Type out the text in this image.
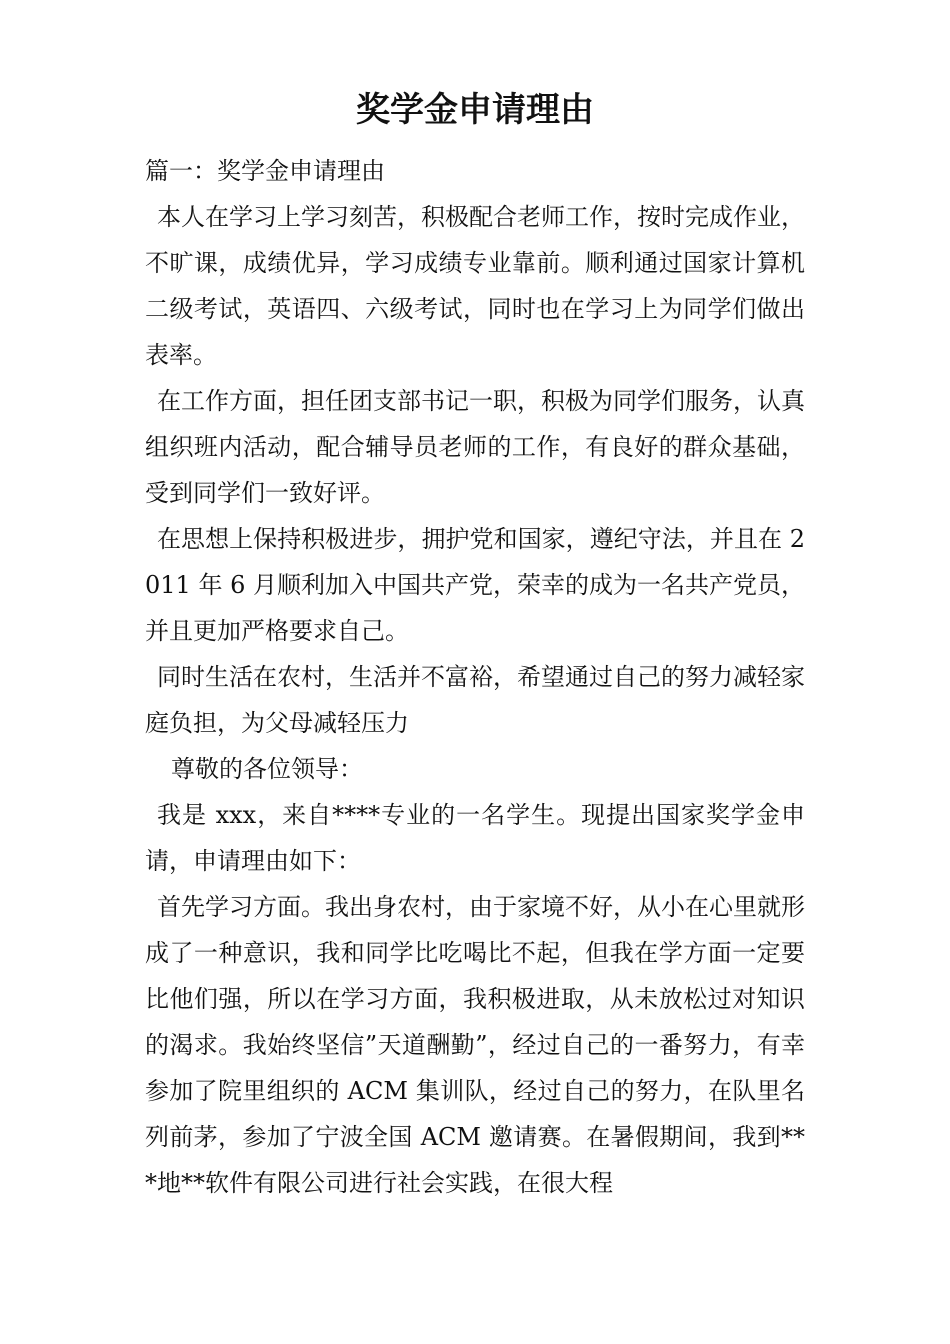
奖学金申请理由

篇一：奖学金申请理由

本人在学习上学习刻苦，积极配合老师工作，按时完成作业，不旷课，成绩优异，学习成绩专业靠前。顺利通过国家计算机二级考试，英语四、六级考试，同时也在学习上为同学们做出表率。

在工作方面，担任团支部书记一职，积极为同学们服务，认真组织班内活动，配合辅导员老师的工作，有良好的群众基础，受到同学们一致好评。

在思想上保持积极进步，拥护党和国家，遵纪守法，并且在 2011 年 6 月顺利加入中国共产党，荣幸的成为一名共产党员，并且更加严格要求自己。

同时生活在农村，生活并不富裕，希望通过自己的努力减轻家庭负担，为父母减轻压力

尊敬的各位领导：

我是 xxx，来自****专业的一名学生。现提出国家奖学金申请，申请理由如下：

首先学习方面。我出身农村，由于家境不好，从小在心里就形成了一种意识，我和同学比吃喝比不起，但我在学方面一定要比他们强，所以在学习方面，我积极进取，从未放松过对知识的渴求。我始终坚信”天道酬勤”，经过自己的一番努力，有幸参加了院里组织的 ACM 集训队，经过自己的努力，在队里名列前茅，参加了宁波全国 ACM 邀请赛。在暑假期间，我到***地**软件有限公司进行社会实践，在很大程
